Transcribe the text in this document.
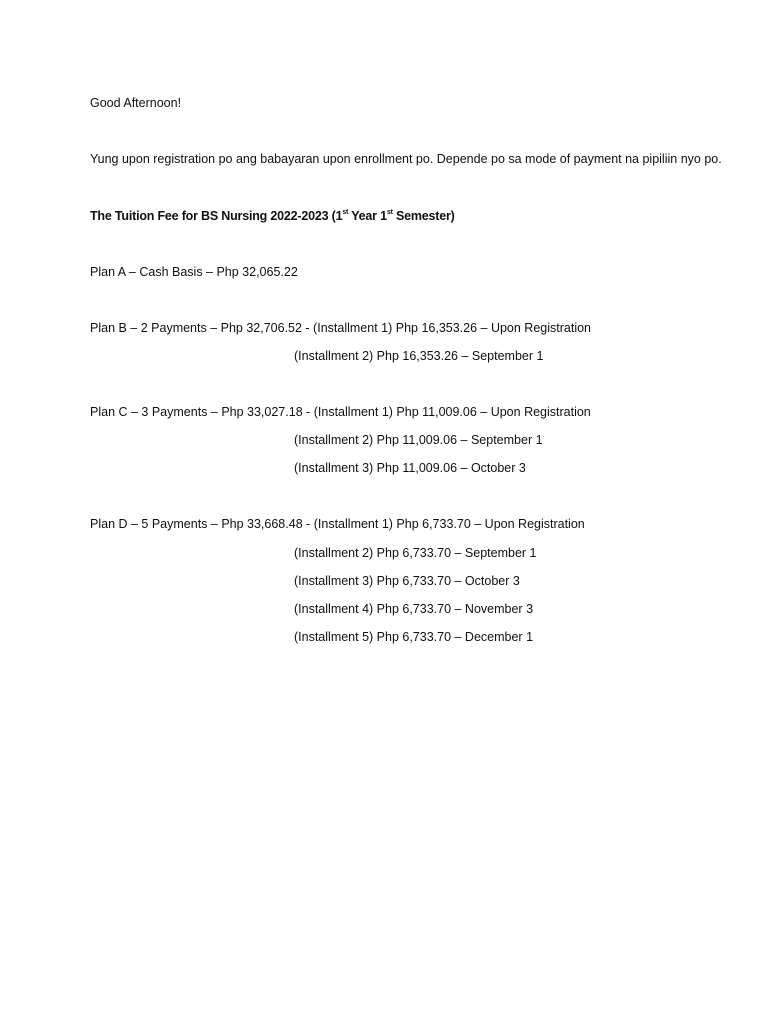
Good Afternoon!
Yung upon registration po ang babayaran upon enrollment po. Depende po sa mode of payment na pipiliin nyo po.
The Tuition Fee for BS Nursing 2022-2023 (1st Year 1st Semester)
Plan A – Cash Basis – Php 32,065.22
Plan B – 2 Payments – Php 32,706.52 - (Installment 1) Php 16,353.26 – Upon Registration
(Installment 2) Php 16,353.26 – September 1
Plan C – 3 Payments – Php 33,027.18 - (Installment 1) Php 11,009.06 – Upon Registration
(Installment 2) Php 11,009.06 – September 1
(Installment 3) Php 11,009.06 – October 3
Plan D – 5 Payments – Php 33,668.48 - (Installment 1) Php 6,733.70 – Upon Registration
(Installment 2) Php 6,733.70 – September 1
(Installment 3) Php 6,733.70 – October 3
(Installment 4) Php 6,733.70 – November 3
(Installment 5) Php 6,733.70 – December 1
